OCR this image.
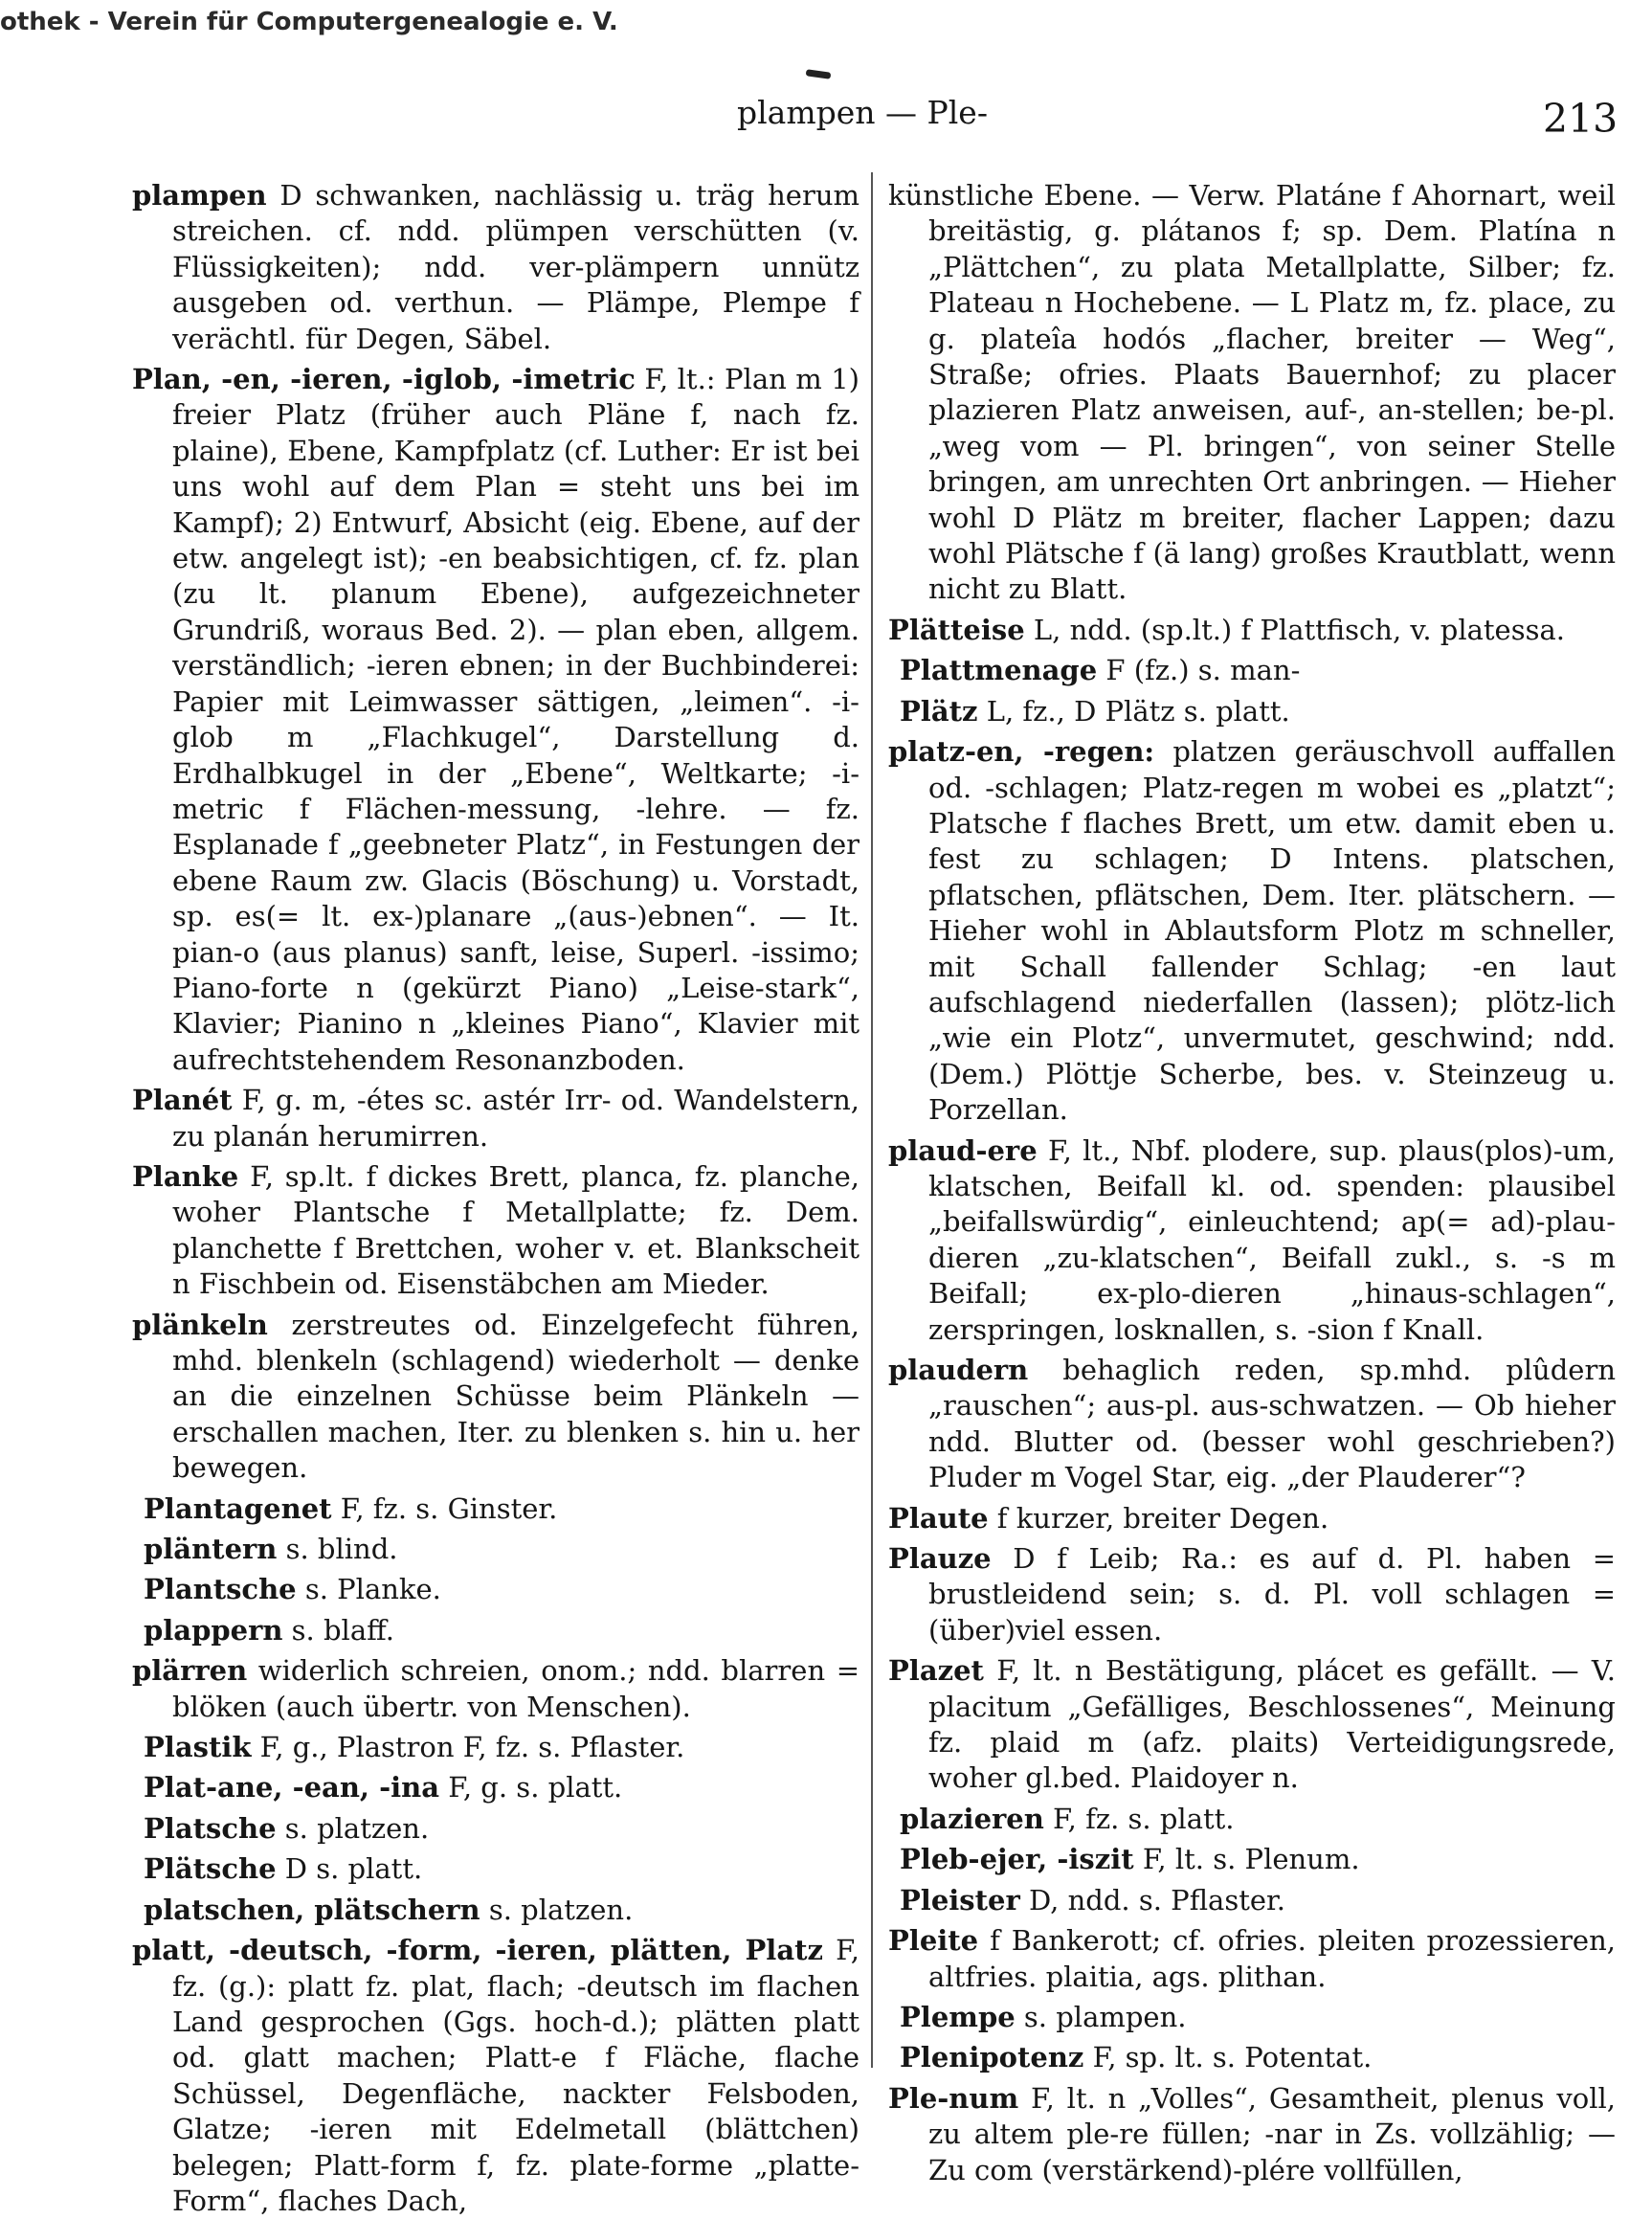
othek - Verein für Computergenealogie e. V.
plampen — Ple-	213

plampen D schwanken, nachlässig u. träg herum streichen. cf. ndd. plümpen verschütten (v. Flüssigkeiten); ndd. ver-plämpern unnütz ausgeben od. verthun. — Plämpe, Plempe f verächtl. für Degen, Säbel.

Plan, -en, -ieren, -iglob, -imetric F, lt.: Plan m 1) freier Platz (früher auch Pläne f, nach fz. plaine), Ebene, Kampfplatz (cf. Luther: Er ist bei uns wohl auf dem Plan = steht uns bei im Kampf); 2) Entwurf, Absicht (eig. Ebene, auf der etw. angelegt ist); -en beabsichtigen, cf. fz. plan (zu lt. planum Ebene), aufgezeichneter Grundriß, woraus Bed. 2). — plan eben, allgem. verständlich; -ieren ebnen; in der Buchbinderei: Papier mit Leimwasser sättigen, „leimen“. -i-glob m „Flachkugel“, Darstellung d. Erdhalbkugel in der „Ebene“, Weltkarte; -i-metric f Flächen-messung, -lehre. — fz. Esplanade f „geebneter Platz“, in Festungen der ebene Raum zw. Glacis (Böschung) u. Vorstadt, sp. es(= lt. ex-)planare „(aus-)ebnen“. — It. pian-o (aus planus) sanft, leise, Superl. -issimo; Piano-forte n (gekürzt Piano) „Leise-stark“, Klavier; Pianino n „kleines Piano“, Klavier mit aufrechtstehendem Resonanzboden.

Planét F, g. m, -étes sc. astér Irr- od. Wandelstern, zu planán herumirren.

Planke F, sp.lt. f dickes Brett, planca, fz. planche, woher Plantsche f Metallplatte; fz. Dem. planchette f Brettchen, woher v. et. Blankscheit n Fischbein od. Eisenstäbchen am Mieder.

plänkeln zerstreutes od. Einzelgefecht führen, mhd. blenkeln (schlagend) wiederholt — denke an die einzelnen Schüsse beim Plänkeln — erschallen machen, Iter. zu blenken s. hin u. her bewegen.

Plantagenet F, fz. s. Ginster.

pläntern s. blind.

Plantsche s. Planke.

plappern s. blaff.

plärren widerlich schreien, onom.; ndd. blarren = blöken (auch übertr. von Menschen).

Plastik F, g., Plastron F, fz. s. Pflaster.

Plat-ane, -ean, -ina F, g. s. platt.

Platsche s. platzen.

Plätsche D s. platt.

platschen, plätschern s. platzen.

platt, -deutsch, -form, -ieren, plätten, Platz F, fz. (g.): platt fz. plat, flach; -deutsch im flachen Land gesprochen (Ggs. hoch-d.); plätten platt od. glatt machen; Platt-e f Fläche, flache Schüssel, Degenfläche, nackter Felsboden, Glatze; -ieren mit Edelmetall (blättchen) belegen; Platt-form f, fz. plate-forme „platte-Form“, flaches Dach,

künstliche Ebene. — Verw. Platáne f Ahornart, weil breitästig, g. plátanos f; sp. Dem. Platína n „Plättchen“, zu plata Metallplatte, Silber; fz. Plateau n Hochebene. — L Platz m, fz. place, zu g. plateîa hodós „flacher, breiter — Weg“, Straße; ofries. Plaats Bauernhof; zu placer plazieren Platz anweisen, auf-, an-stellen; be-pl. „weg vom — Pl. bringen“, von seiner Stelle bringen, am unrechten Ort anbringen. — Hieher wohl D Plätz m breiter, flacher Lappen; dazu wohl Plätsche f (ä lang) großes Krautblatt, wenn nicht zu Blatt.

Plätteise L, ndd. (sp.lt.) f Plattfisch, v. platessa.

Plattmenage F (fz.) s. man-

Plätz L, fz., D Plätz s. platt.

platz-en, -regen: platzen geräuschvoll auffallen od. -schlagen; Platz-regen m wobei es „platzt“; Platsche f flaches Brett, um etw. damit eben u. fest zu schlagen; D Intens. platschen, pflatschen, pflätschen, Dem. Iter. plätschern. — Hieher wohl in Ablautsform Plotz m schneller, mit Schall fallender Schlag; -en laut aufschlagend niederfallen (lassen); plötz-lich „wie ein Plotz“, unvermutet, geschwind; ndd. (Dem.) Plöttje Scherbe, bes. v. Steinzeug u. Porzellan.

plaud-ere F, lt., Nbf. plodere, sup. plaus(plos)-um, klatschen, Beifall kl. od. spenden: plausibel „beifallswürdig“, einleuchtend; ap(= ad)-plau-dieren „zu-klatschen“, Beifall zukl., s. -s m Beifall; ex-plo-dieren „hinaus-schlagen“, zerspringen, losknallen, s. -sion f Knall.

plaudern behaglich reden, sp.mhd. plûdern „rauschen“; aus-pl. aus-schwatzen. — Ob hieher ndd. Blutter od. (besser wohl geschrieben?) Pluder m Vogel Star, eig. „der Plauderer“?

Plaute f kurzer, breiter Degen.

Plauze D f Leib; Ra.: es auf d. Pl. haben = brustleidend sein; s. d. Pl. voll schlagen = (über)viel essen.

Plazet F, lt. n Bestätigung, plácet es gefällt. — V. placitum „Gefälliges, Beschlossenes“, Meinung fz. plaid m (afz. plaits) Verteidigungsrede, woher gl.bed. Plaidoyer n.

plazieren F, fz. s. platt.

Pleb-ejer, -iszit F, lt. s. Plenum.

Pleister D, ndd. s. Pflaster.

Pleite f Bankerott; cf. ofries. pleiten prozessieren, altfries. plaitia, ags. plithan.

Plempe s. plampen.

Plenipotenz F, sp. lt. s. Potentat.

Ple-num F, lt. n „Volles“, Gesamtheit, plenus voll, zu altem ple-re füllen; -nar in Zs. vollzählig; — Zu com (verstärkend)-plére vollfüllen,
